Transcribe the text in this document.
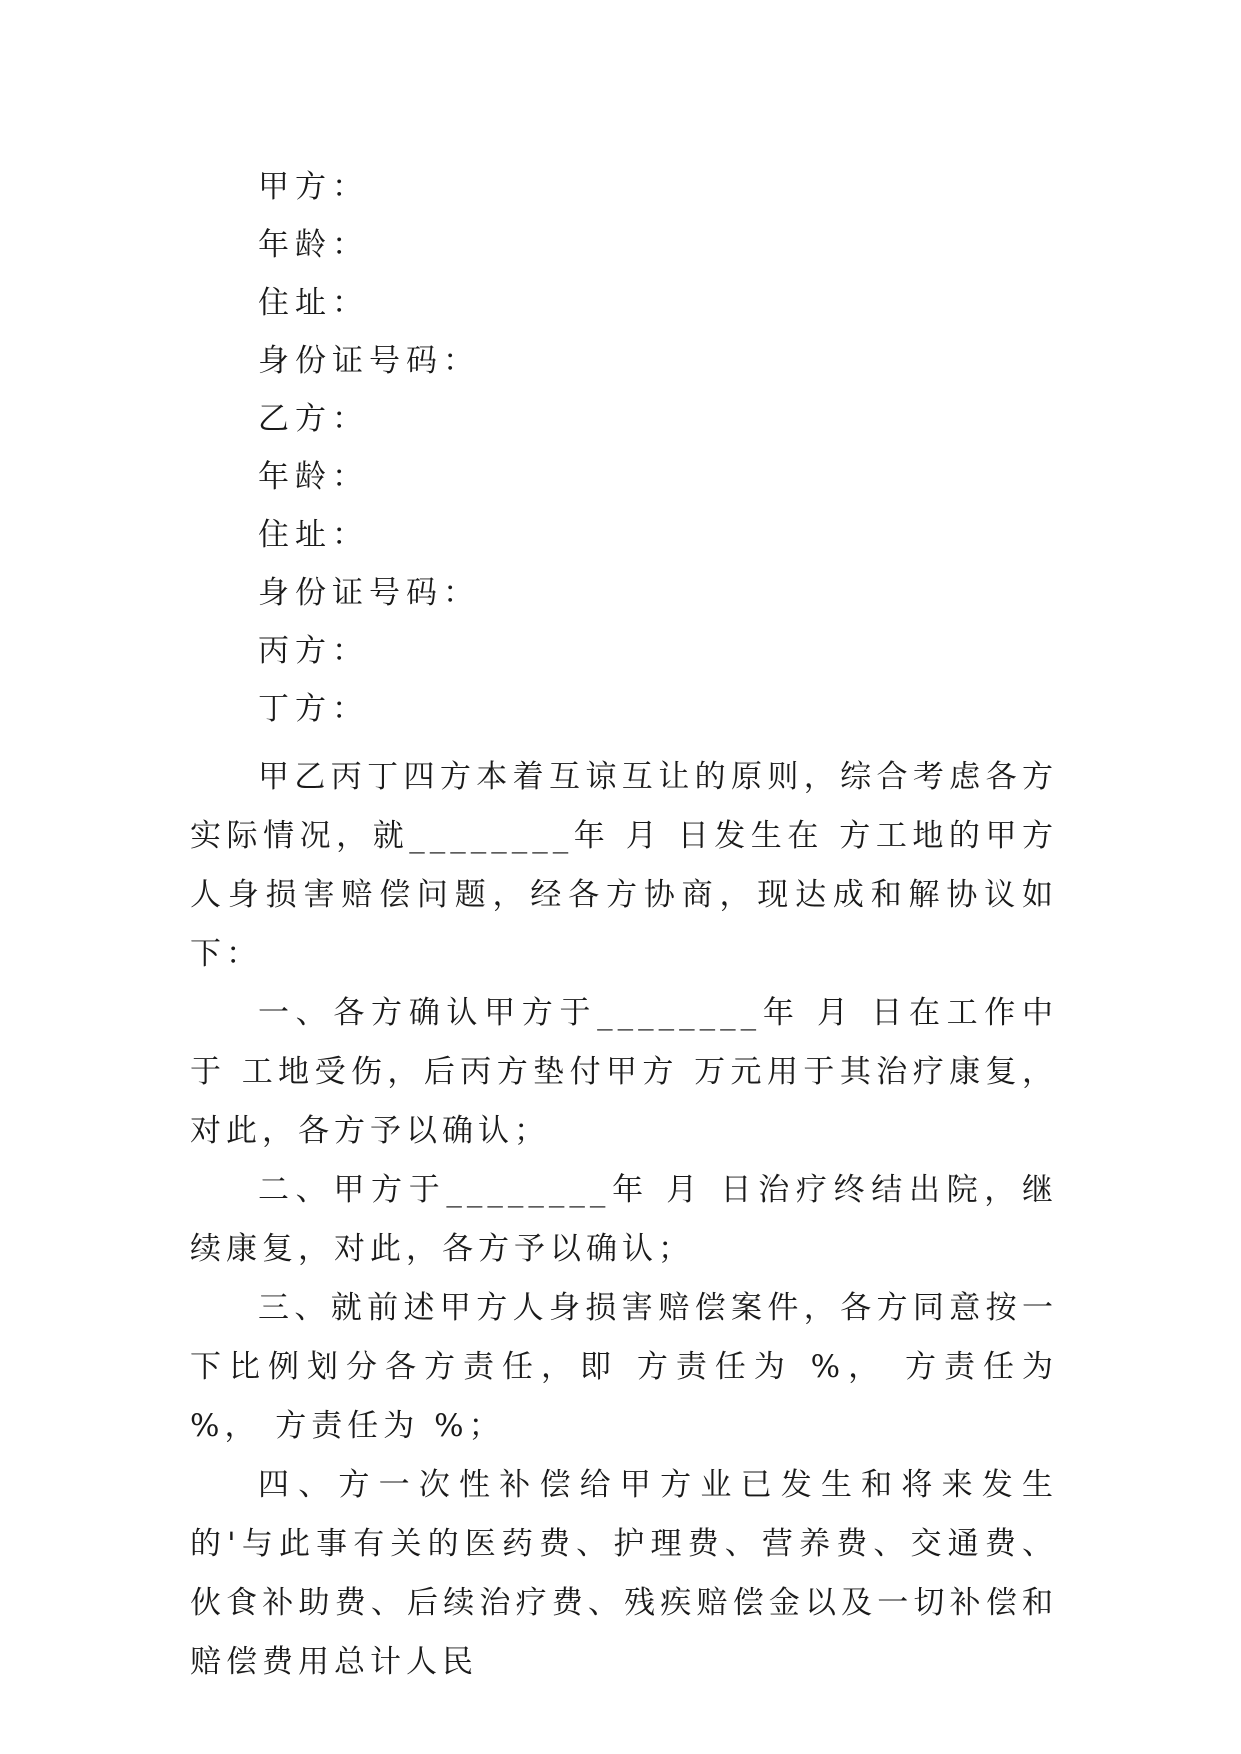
甲方：
年龄：
住址：
身份证号码：
乙方：
年龄：
住址：
身份证号码：
丙方：
丁方：

甲乙丙丁四方本着互谅互让的原则，综合考虑各方实际情况，就________年 月 日发生在 方工地的甲方人身损害赔偿问题，经各方协商，现达成和解协议如下：

一、各方确认甲方于________年 月 日在工作中于 工地受伤，后丙方垫付甲方 万元用于其治疗康复，对此，各方予以确认；

二、甲方于________年 月 日治疗终结出院，继续康复，对此，各方予以确认；

三、就前述甲方人身损害赔偿案件，各方同意按一下比例划分各方责任，即 方责任为 %， 方责任为 %， 方责任为 %；

四、方一次性补偿给甲方业已发生和将来发生的'与此事有关的医药费、护理费、营养费、交通费、伙食补助费、后续治疗费、残疾赔偿金以及一切补偿和赔偿费用总计人民
